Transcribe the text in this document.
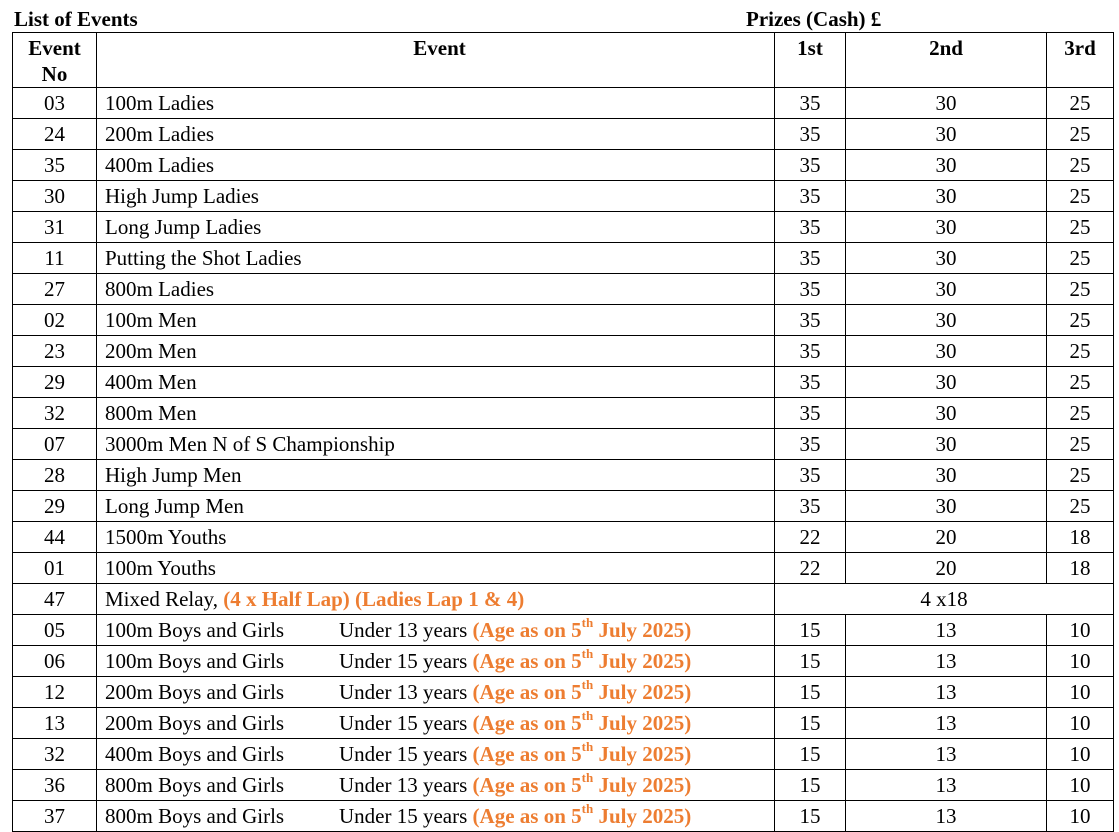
List of Events	Prizes (Cash) £
Event No	Event	1st	2nd	3rd
03	100m Ladies	35	30	25
24	200m Ladies	35	30	25
35	400m Ladies	35	30	25
30	High Jump Ladies	35	30	25
31	Long Jump Ladies	35	30	25
11	Putting the Shot Ladies	35	30	25
27	800m Ladies	35	30	25
02	100m Men	35	30	25
23	200m Men	35	30	25
29	400m Men	35	30	25
32	800m Men	35	30	25
07	3000m Men N of S Championship	35	30	25
28	High Jump Men	35	30	25
29	Long Jump Men	35	30	25
44	1500m Youths	22	20	18
01	100m Youths	22	20	18
47	Mixed Relay, (4 x Half Lap) (Ladies Lap 1 & 4)	4 x18		
05	100m Boys and Girls Under 13 years (Age as on 5th July 2025)	15	13	10
06	100m Boys and Girls Under 15 years (Age as on 5th July 2025)	15	13	10
12	200m Boys and Girls Under 13 years (Age as on 5th July 2025)	15	13	10
13	200m Boys and Girls Under 15 years (Age as on 5th July 2025)	15	13	10
32	400m Boys and Girls Under 15 years (Age as on 5th July 2025)	15	13	10
36	800m Boys and Girls Under 13 years (Age as on 5th July 2025)	15	13	10
37	800m Boys and Girls Under 15 years (Age as on 5th July 2025)	15	13	10
